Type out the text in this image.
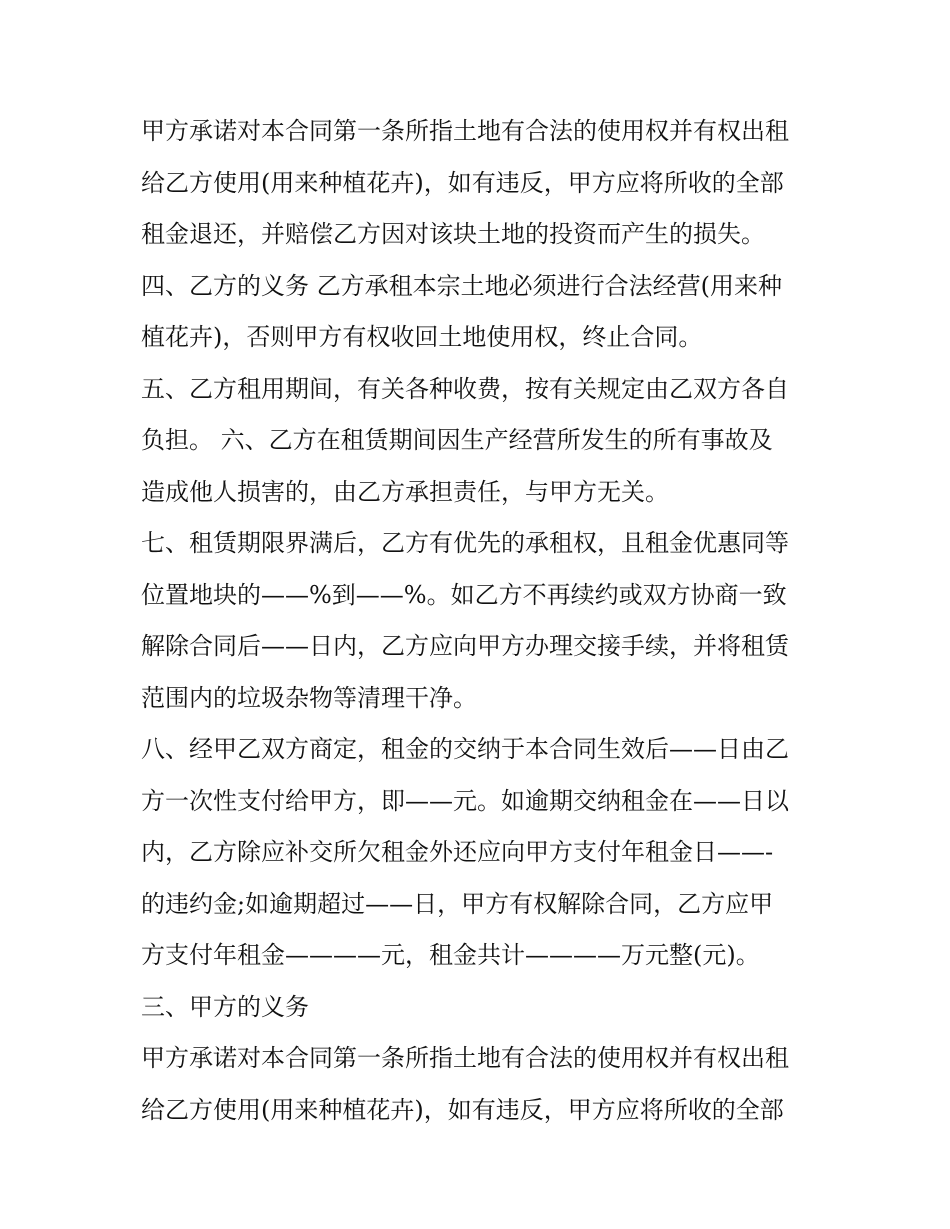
甲方承诺对本合同第一条所指土地有合法的使用权并有权出租
给乙方使用(用来种植花卉)，如有违反，甲方应将所收的全部
租金退还，并赔偿乙方因对该块土地的投资而产生的损失。
四、乙方的义务 乙方承租本宗土地必须进行合法经营(用来种
植花卉)，否则甲方有权收回土地使用权，终止合同。
五、乙方租用期间，有关各种收费，按有关规定由乙双方各自
负担。 六、乙方在租赁期间因生产经营所发生的所有事故及
造成他人损害的，由乙方承担责任，与甲方无关。
七、租赁期限界满后，乙方有优先的承租权，且租金优惠同等
位置地块的——%到——%。如乙方不再续约或双方协商一致
解除合同后——日内，乙方应向甲方办理交接手续，并将租赁
范围内的垃圾杂物等清理干净。
八、经甲乙双方商定，租金的交纳于本合同生效后——日由乙
方一次性支付给甲方，即——元。如逾期交纳租金在——日以
内，乙方除应补交所欠租金外还应向甲方支付年租金日——-
的违约金;如逾期超过——日，甲方有权解除合同，乙方应甲
方支付年租金————元，租金共计————万元整(元)。
三、甲方的义务
甲方承诺对本合同第一条所指土地有合法的使用权并有权出租
给乙方使用(用来种植花卉)，如有违反，甲方应将所收的全部
